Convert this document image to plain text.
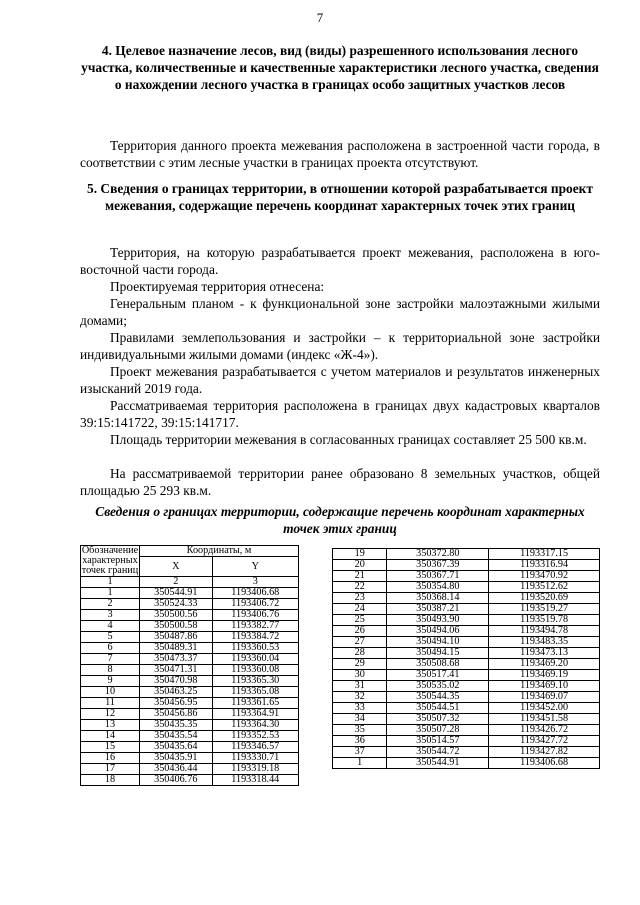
7
4. Целевое назначение лесов, вид (виды) разрешенного использования лесного участка, количественные и качественные характеристики лесного участка, сведения о нахождении лесного участка в границах особо защитных участков лесов
Территория данного проекта межевания расположена в застроенной части города, в соответствии с этим лесные участки в границах проекта отсутствуют.
5. Сведения о границах территории, в отношении которой разрабатывается проект межевания, содержащие перечень координат характерных точек этих границ
Территория, на которую разрабатывается проект межевания, расположена в юго-восточной части города.
Проектируемая территория отнесена:
Генеральным планом - к функциональной зоне застройки малоэтажными жилыми домами;
Правилами землепользования и застройки – к территориальной зоне застройки индивидуальными жилыми домами (индекс «Ж-4»).
Проект межевания разрабатывается с учетом материалов и результатов инженерных изысканий 2019 года.
Рассматриваемая территория расположена в границах двух кадастровых кварталов 39:15:141722, 39:15:141717.
Площадь территории межевания в согласованных границах составляет 25 500 кв.м.
На рассматриваемой территории ранее образовано 8 земельных участков, общей площадью 25 293 кв.м.
Сведения о границах территории, содержащие перечень координат характерных точек этих границ
Обозначение характерных точек границ	Координаты, м	
	X	Y
1	2	3
1	350544.91	1193406.68
2	350524.33	1193406.72
3	350500.56	1193406.76
4	350500.58	1193382.77
5	350487.86	1193384.72
6	350489.31	1193360.53
7	350473.37	1193360.04
8	350471.31	1193360.08
9	350470.98	1193365.30
10	350463.25	1193365.08
11	350456.95	1193361.65
12	350456.86	1193364.91
13	350435.35	1193364.30
14	350435.54	1193352.53
15	350435.64	1193346.57
16	350435.91	1193330.71
17	350436.44	1193319.18
18	350406.76	1193318.44
19	350372.80	1193317.15
20	350367.39	1193316.94
21	350367.71	1193470.92
22	350354.80	1193512.62
23	350368.14	1193520.69
24	350387.21	1193519.27
25	350493.90	1193519.78
26	350494.06	1193494.78
27	350494.10	1193483.35
28	350494.15	1193473.13
29	350508.68	1193469.20
30	350517.41	1193469.19
31	350535.02	1193469.10
32	350544.35	1193469.07
33	350544.51	1193452.00
34	350507.32	1193451.58
35	350507.28	1193426.72
36	350514.57	1193427.72
37	350544.72	1193427.82
1	350544.91	1193406.68
